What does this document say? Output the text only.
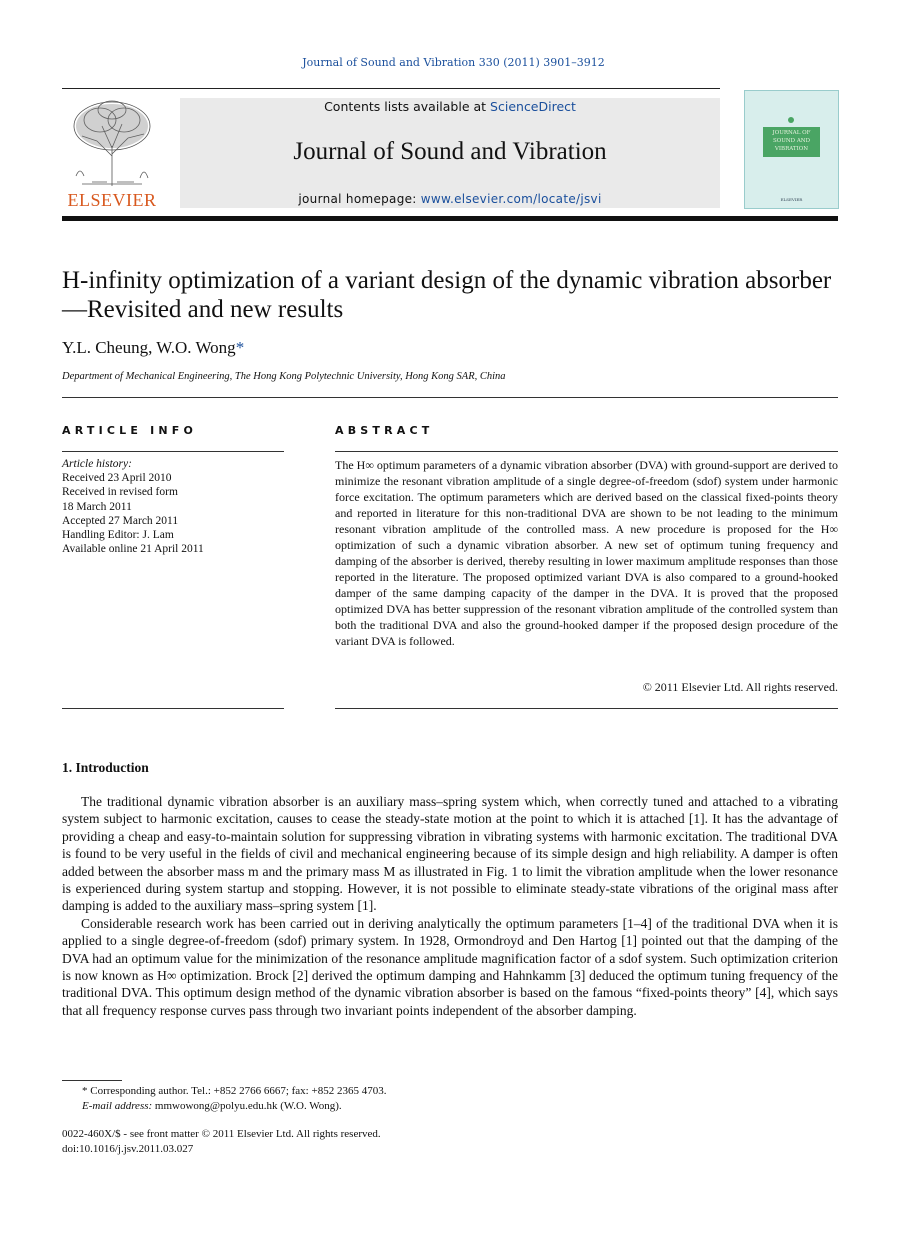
Journal of Sound and Vibration 330 (2011) 3901–3912
ELSEVIER
Contents lists available at ScienceDirect
Journal of Sound and Vibration
journal homepage: www.elsevier.com/locate/jsvi
JOURNAL OF SOUND AND VIBRATION
ELSEVIER
H-infinity optimization of a variant design of the dynamic vibration absorber—Revisited and new results
Y.L. Cheung, W.O. Wong*
Department of Mechanical Engineering, The Hong Kong Polytechnic University, Hong Kong SAR, China
ARTICLE INFO	ABSTRACT
Article history:
Received 23 April 2010
Received in revised form
18 March 2011
Accepted 27 March 2011
Handling Editor: J. Lam
Available online 21 April 2011
The H∞ optimum parameters of a dynamic vibration absorber (DVA) with ground-support are derived to minimize the resonant vibration amplitude of a single degree-of-freedom (sdof) system under harmonic force excitation. The optimum parameters which are derived based on the classical fixed-points theory and reported in literature for this non-traditional DVA are shown to be not leading to the minimum resonant vibration amplitude of the controlled mass. A new procedure is proposed for the H∞ optimization of such a dynamic vibration absorber. A new set of optimum tuning frequency and damping of the absorber is derived, thereby resulting in lower maximum amplitude responses than those reported in the literature. The proposed optimized variant DVA is also compared to a ground-hooked damper of the same damping capacity of the damper in the DVA. It is proved that the proposed optimized DVA has better suppression of the resonant vibration amplitude of the controlled system than both the traditional DVA and also the ground-hooked damper if the proposed design procedure of the variant DVA is followed.
© 2011 Elsevier Ltd. All rights reserved.
1. Introduction

The traditional dynamic vibration absorber is an auxiliary mass–spring system which, when correctly tuned and attached to a vibrating system subject to harmonic excitation, causes to cease the steady-state motion at the point to which it is attached [1]. It has the advantage of providing a cheap and easy-to-maintain solution for suppressing vibration in vibrating systems with harmonic excitation. The traditional DVA is found to be very useful in the fields of civil and mechanical engineering because of its simple design and high reliability. A damper is often added between the absorber mass m and the primary mass M as illustrated in Fig. 1 to limit the vibration amplitude when the lower resonance is experienced during system startup and stopping. However, it is not possible to eliminate steady-state vibrations of the original mass after damping is added to the auxiliary mass–spring system [1].

Considerable research work has been carried out in deriving analytically the optimum parameters [1–4] of the traditional DVA when it is applied to a single degree-of-freedom (sdof) primary system. In 1928, Ormondroyd and Den Hartog [1] pointed out that the damping of the DVA had an optimum value for the minimization of the resonance amplitude magnification factor of a sdof system. Such optimization criterion is now known as H∞ optimization. Brock [2] derived the optimum damping and Hahnkamm [3] deduced the optimum tuning frequency of the traditional DVA. This optimum design method of the dynamic vibration absorber is based on the famous “fixed-points theory” [4], which says that all frequency response curves pass through two invariant points independent of the absorber damping.

* Corresponding author. Tel.: +852 2766 6667; fax: +852 2365 4703.
E-mail address: mmwowong@polyu.edu.hk (W.O. Wong).
0022-460X/$ - see front matter © 2011 Elsevier Ltd. All rights reserved.
doi:10.1016/j.jsv.2011.03.027
